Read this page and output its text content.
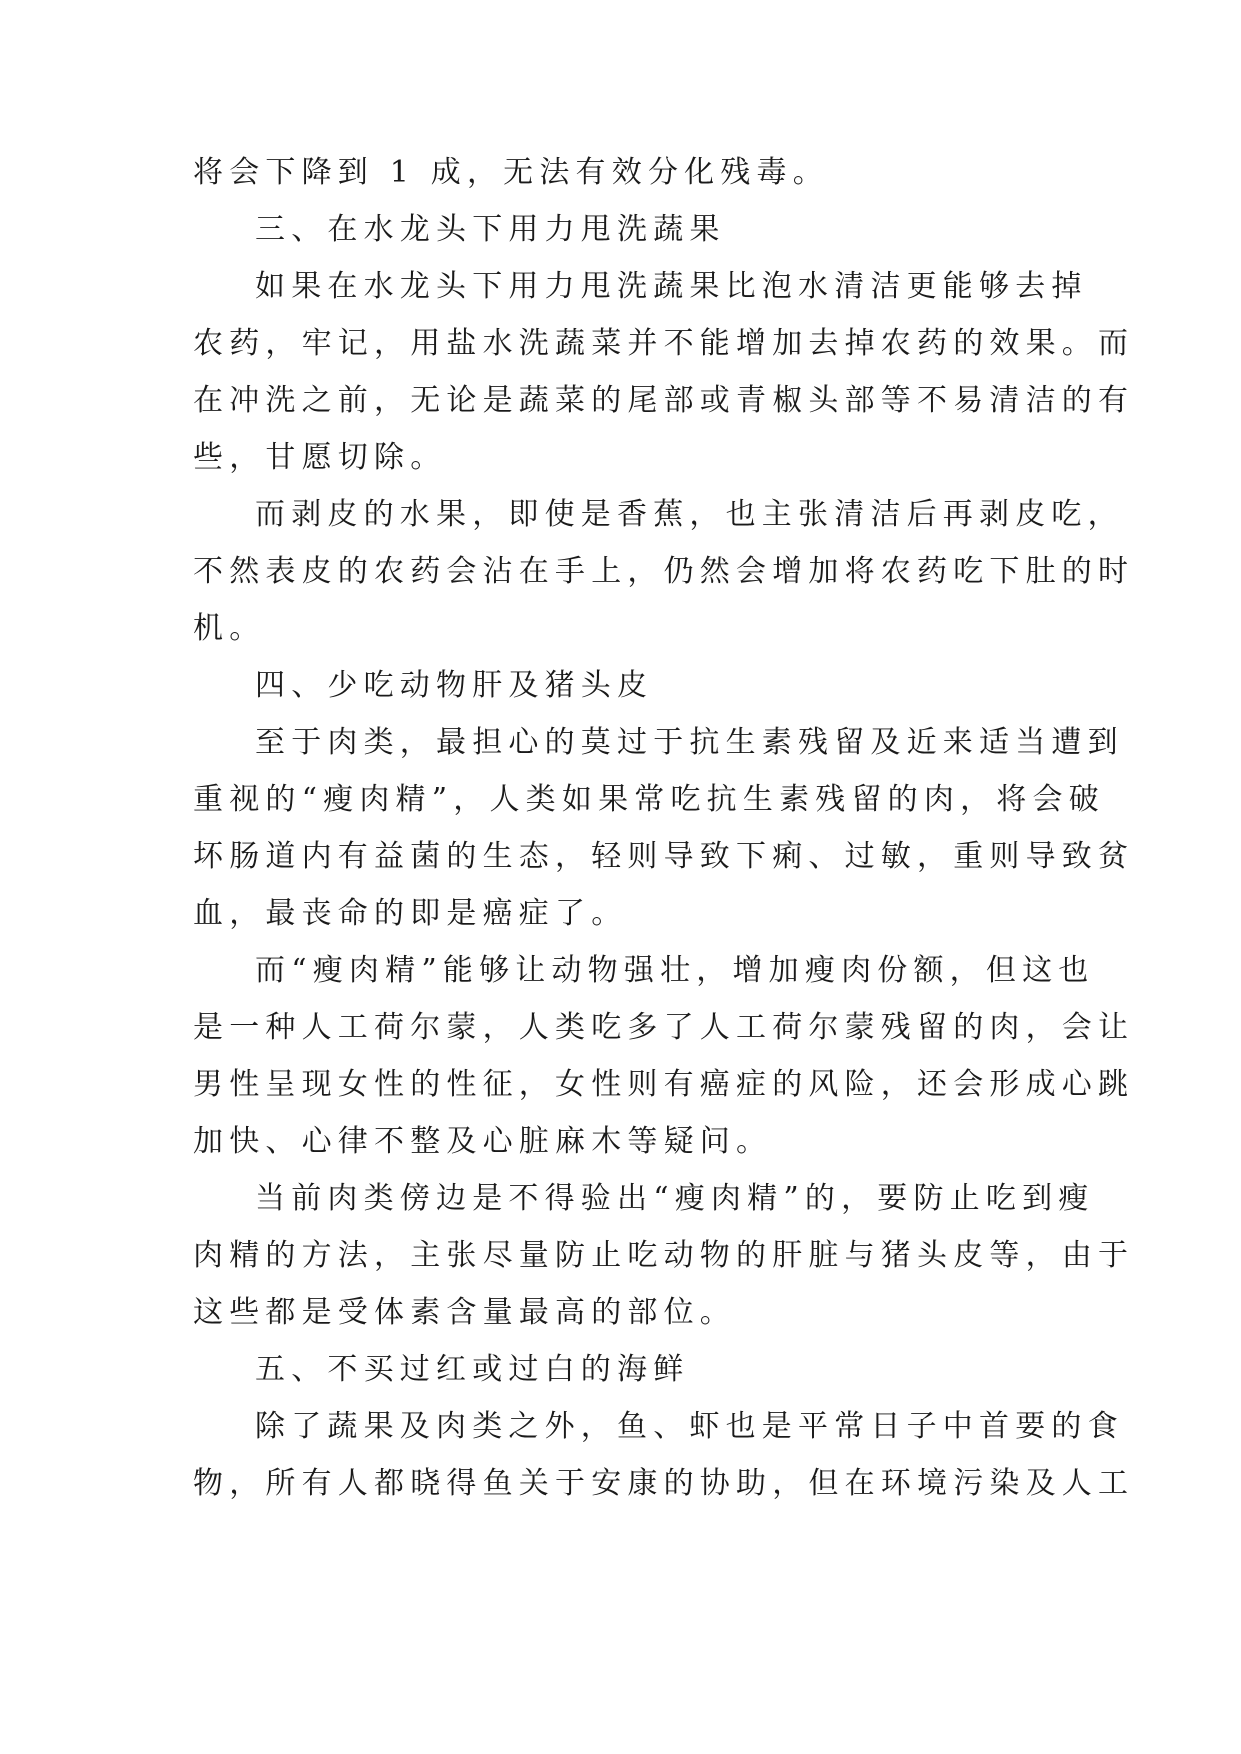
将会下降到 1 成，无法有效分化残毒。
三、在水龙头下用力甩洗蔬果
如果在水龙头下用力甩洗蔬果比泡水清洁更能够去掉
农药，牢记，用盐水洗蔬菜并不能增加去掉农药的效果。而
在冲洗之前，无论是蔬菜的尾部或青椒头部等不易清洁的有
些，甘愿切除。
而剥皮的水果，即使是香蕉，也主张清洁后再剥皮吃，
不然表皮的农药会沾在手上，仍然会增加将农药吃下肚的时
机。
四、少吃动物肝及猪头皮
至于肉类，最担心的莫过于抗生素残留及近来适当遭到
重视的“瘦肉精”，人类如果常吃抗生素残留的肉，将会破
坏肠道内有益菌的生态，轻则导致下痢、过敏，重则导致贫
血，最丧命的即是癌症了。
而“瘦肉精”能够让动物强壮，增加瘦肉份额，但这也
是一种人工荷尔蒙，人类吃多了人工荷尔蒙残留的肉，会让
男性呈现女性的性征，女性则有癌症的风险，还会形成心跳
加快、心律不整及心脏麻木等疑问。
当前肉类傍边是不得验出“瘦肉精”的，要防止吃到瘦
肉精的方法，主张尽量防止吃动物的肝脏与猪头皮等，由于
这些都是受体素含量最高的部位。
五、不买过红或过白的海鲜
除了蔬果及肉类之外，鱼、虾也是平常日子中首要的食
物，所有人都晓得鱼关于安康的协助，但在环境污染及人工
